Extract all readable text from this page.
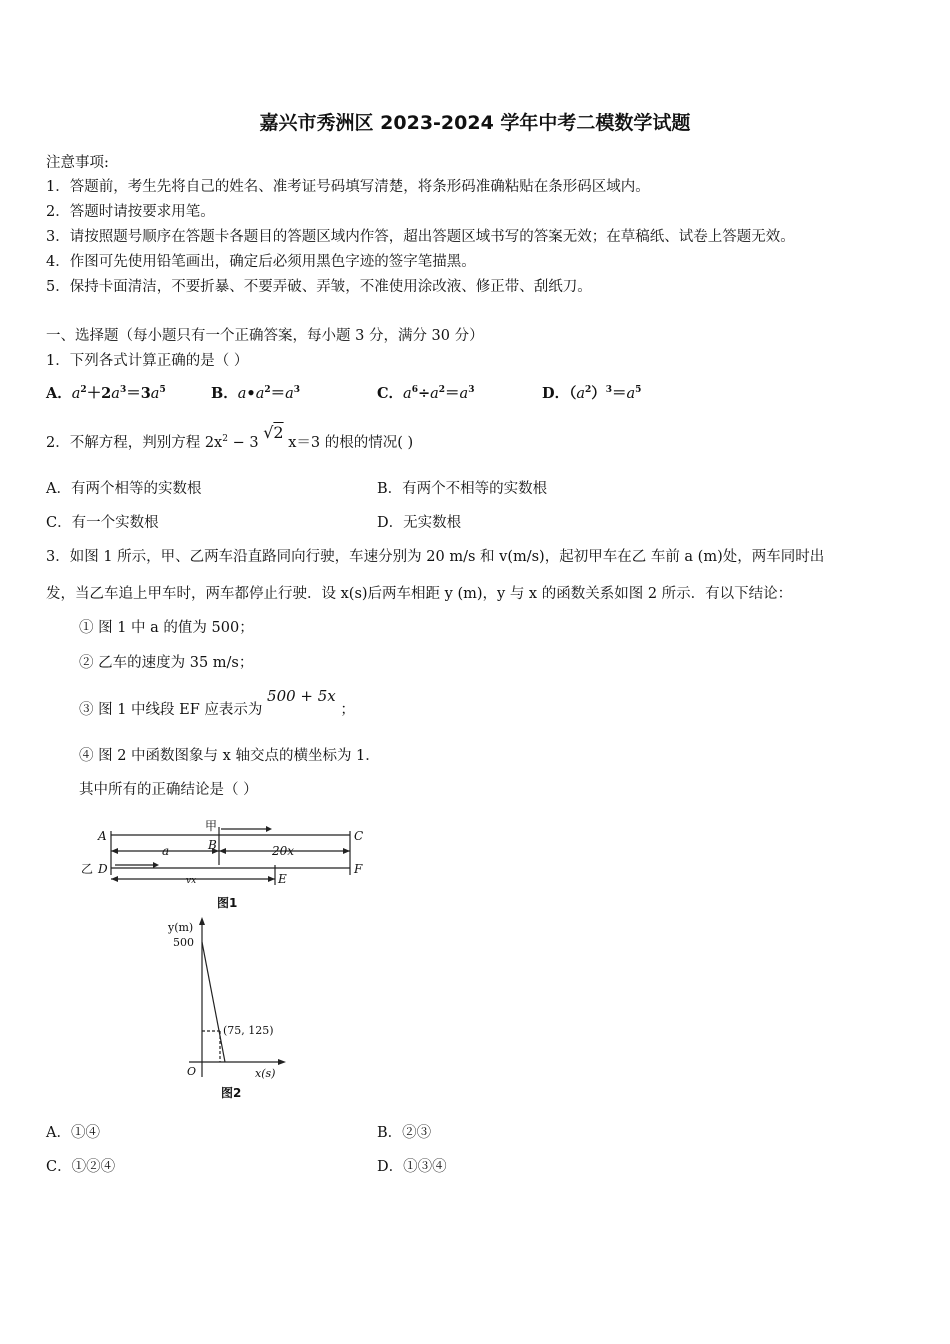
嘉兴市秀洲区 2023-2024 学年中考二模数学试题
注意事项:
1．答题前，考生先将自己的姓名、准考证号码填写清楚，将条形码准确粘贴在条形码区域内。
2．答题时请按要求用笔。
3．请按照题号顺序在答题卡各题目的答题区域内作答，超出答题区域书写的答案无效；在草稿纸、试卷上答题无效。
4．作图可先使用铅笔画出，确定后必须用黑色字迹的签字笔描黑。
5．保持卡面清洁，不要折暴、不要弄破、弄皱，不准使用涂改液、修正带、刮纸刀。
一、选择题（每小题只有一个正确答案，每小题 3 分，满分 30 分）
1．下列各式计算正确的是（ ）
A．$a^2+2a^3=3a^5$	B．$a•a^2=a^3$	C．$a^6\div a^2=a^3$	D．$(a^2)^3=a^5$
2．不解方程，判别方程 $2x^2 - 3$ √2 x＝3 的根的情况( )
A．有两个相等的实数根	B．有两个不相等的实数根
C．有一个实数根	D．无实数根
3．如图 1 所示，甲、乙两车沿直路同向行驶，车速分别为 20 m/s 和 v(m/s)，起初甲车在乙 车前 a (m)处，两车同时出
发，当乙车追上甲车时，两车都停止行驶．设 x(s)后两车相距 y (m)，y 与 x 的函数关系如图 2 所示．有以下结论：
① 图 1 中 a 的值为 500；
② 乙车的速度为 35 m/s；
③ 图 1 中线段 EF 应表示为 500 + 5x ；
④ 图 2 中函数图象与 x 轴交点的横坐标为 1．
其中所有的正确结论是（ ）
A
B
C
D
E
F
a	20x
vx
甲
乙
图1
y(m)
500
(75, 125)
O	x(s)
图2
A．①④	B．②③
C．①②④	D．①③④
